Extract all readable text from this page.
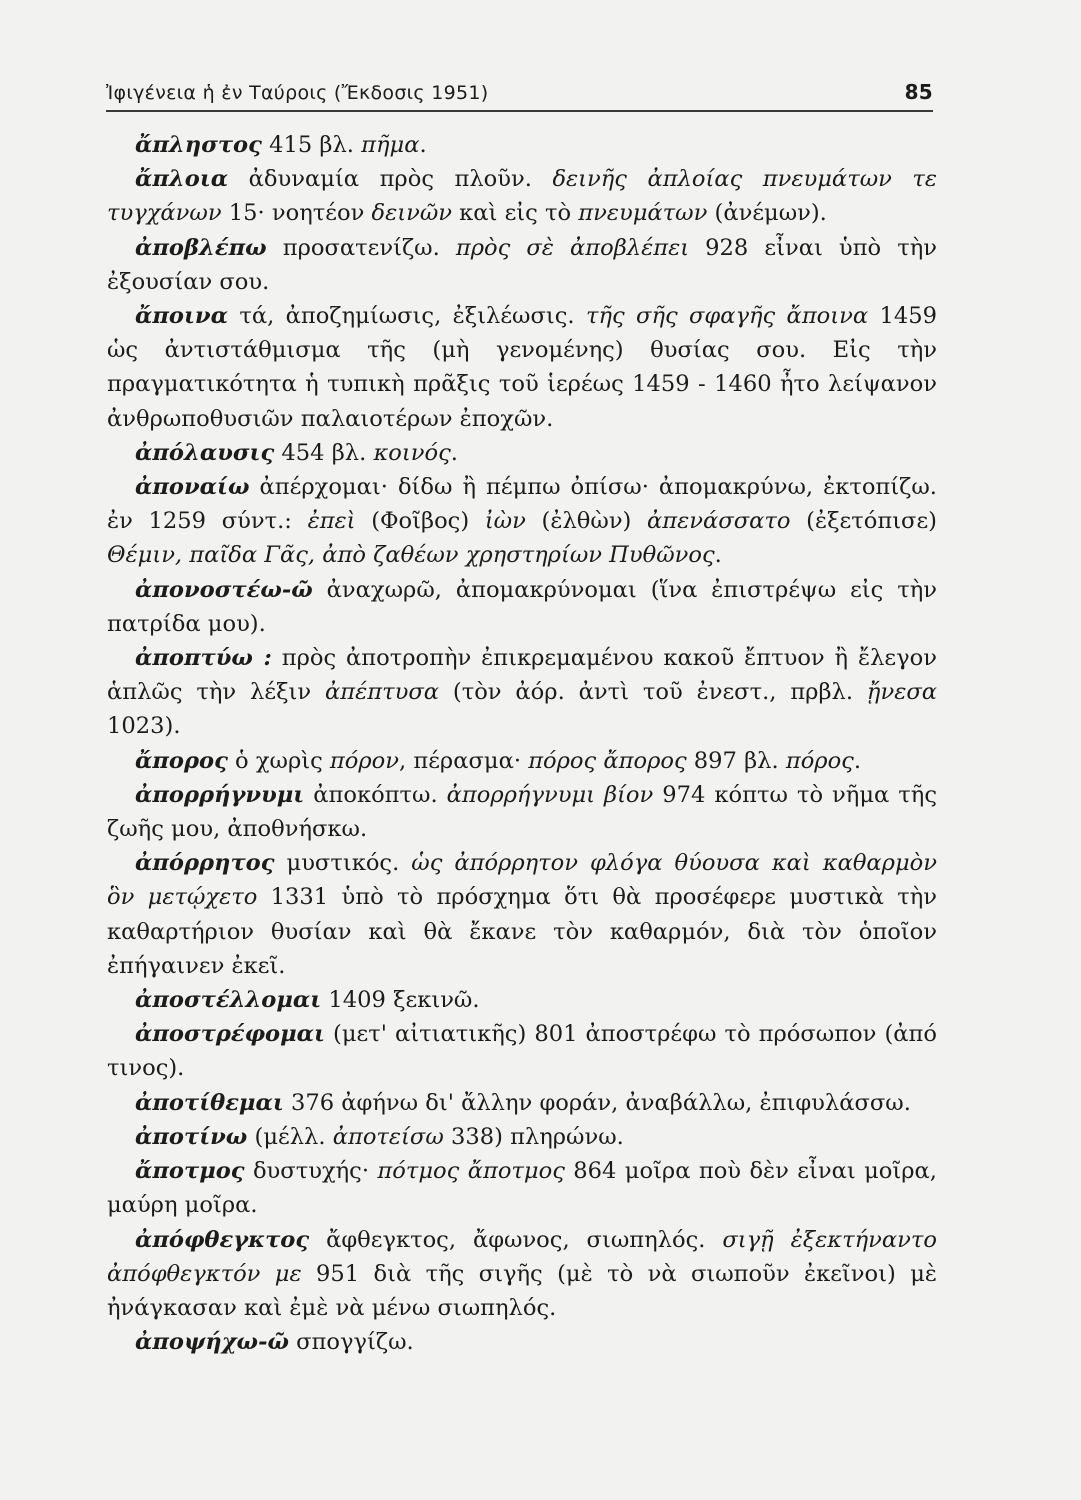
Ἰφιγένεια ἡ ἐν Ταύροις (Ἔκδοσις 1951)	85

ἄπληστος 415 βλ. πῆμα.

ἄπλοια ἀδυναμία πρὸς πλοῦν. δεινῆς ἀπλοίας πνευμάτων τε τυγχάνων 15· νοητέον δεινῶν καὶ εἰς τὸ πνευμάτων (ἀνέμων).

ἀποβλέπω προσατενίζω. πρὸς σὲ ἀποβλέπει 928 εἶναι ὑπὸ τὴν ἐξουσίαν σου.

ἄποινα τά, ἀποζημίωσις, ἐξιλέωσις. τῆς σῆς σφαγῆς ἄποινα 1459 ὡς ἀντιστάθμισμα τῆς (μὴ γενομένης) θυσίας σου. Εἰς τὴν πραγματικότητα ἡ τυπικὴ πρᾶξις τοῦ ἱερέως 1459 - 1460 ἦτο λείψανον ἀνθρωποθυσιῶν παλαιοτέρων ἐποχῶν.

ἀπόλαυσις 454 βλ. κοινός.

ἀποναίω ἀπέρχομαι· δίδω ἢ πέμπω ὀπίσω· ἀπομακρύνω, ἐκτοπίζω. ἐν 1259 σύντ.: ἐπεὶ (Φοῖβος) ἰὼν (ἐλθὼν) ἀπενάσσατο (ἐξετόπισε) Θέμιν, παῖδα Γᾶς, ἀπὸ ζαθέων χρηστηρίων Πυθῶνος.

ἀπονοστέω-ῶ ἀναχωρῶ, ἀπομακρύνομαι (ἵνα ἐπιστρέψω εἰς τὴν πατρίδα μου).

ἀποπτύω : πρὸς ἀποτροπὴν ἐπικρεμαμένου κακοῦ ἔπτυον ἢ ἔλεγον ἁπλῶς τὴν λέξιν ἀπέπτυσα (τὸν ἀόρ. ἀντὶ τοῦ ἐνεστ., πρβλ. ᾔνεσα 1023).

ἄπορος ὁ χωρὶς πόρον, πέρασμα· πόρος ἄπορος 897 βλ. πόρος.

ἀπορρήγνυμι ἀποκόπτω. ἀπορρήγνυμι βίον 974 κόπτω τὸ νῆμα τῆς ζωῆς μου, ἀποθνήσκω.

ἀπόρρητος μυστικός. ὡς ἀπόρρητον φλόγα θύουσα καὶ καθαρμὸν ὃν μετῴχετο 1331 ὑπὸ τὸ πρόσχημα ὅτι θὰ προσέφερε μυστικὰ τὴν καθαρτήριον θυσίαν καὶ θὰ ἔκανε τὸν καθαρμόν, διὰ τὸν ὁποῖον ἐπήγαινεν ἐκεῖ.

ἀποστέλλομαι 1409 ξεκινῶ.

ἀποστρέφομαι (μετ' αἰτιατικῆς) 801 ἀποστρέφω τὸ πρόσωπον (ἀπό τινος).

ἀποτίθεμαι 376 ἀφήνω δι' ἄλλην φοράν, ἀναβάλλω, ἐπιφυλάσσω.

ἀποτίνω (μέλλ. ἀποτείσω 338) πληρώνω.

ἄποτμος δυστυχής· πότμος ἄποτμος 864 μοῖρα ποὺ δὲν εἶναι μοῖρα, μαύρη μοῖρα.

ἀπόφθεγκτος ἄφθεγκτος, ἄφωνος, σιωπηλός. σιγῇ ἐξεκτήναντο ἀπόφθεγκτόν με 951 διὰ τῆς σιγῆς (μὲ τὸ νὰ σιωποῦν ἐκεῖνοι) μὲ ἠνάγκασαν καὶ ἐμὲ νὰ μένω σιωπηλός.

ἀποψήχω-ῶ σπογγίζω.
